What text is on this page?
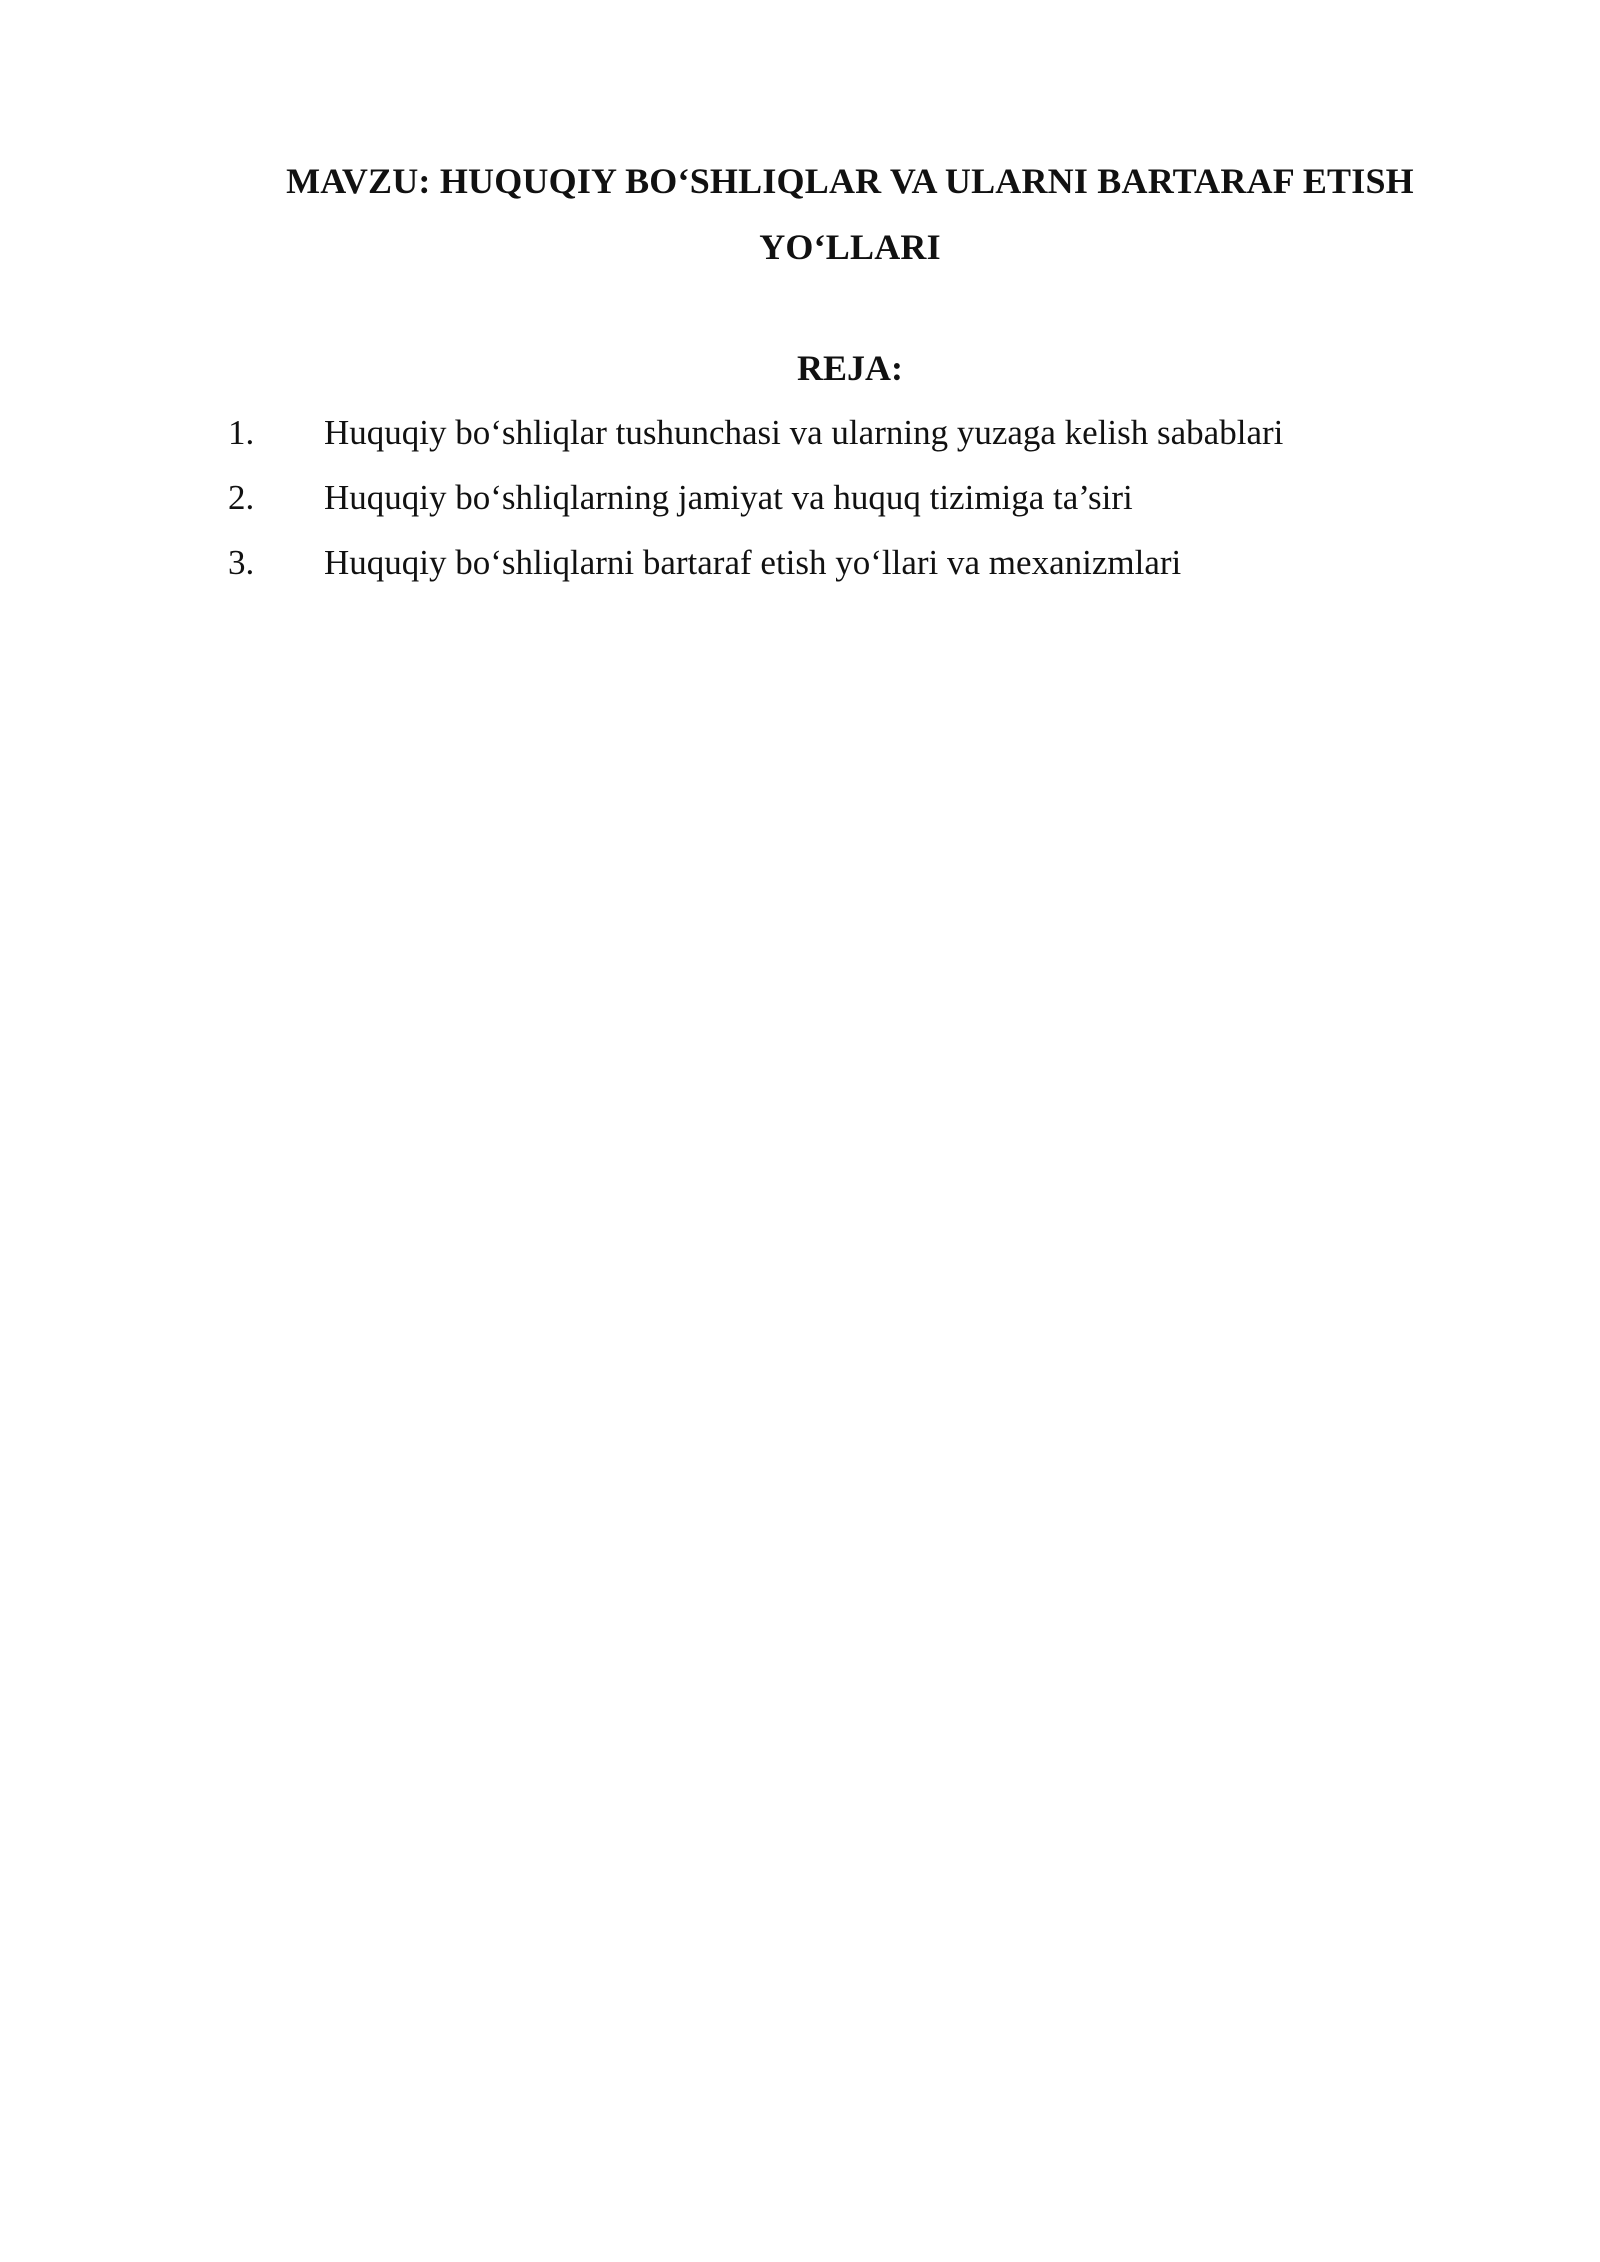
MAVZU: HUQUQIY BO‘SHLIQLAR VA ULARNI BARTARAF ETISH
YO‘LLARI
REJA:
1. Huquqiy bo‘shliqlar tushunchasi va ularning yuzaga kelish sabablari
2. Huquqiy bo‘shliqlarning jamiyat va huquq tizimiga ta’siri
3. Huquqiy bo‘shliqlarni bartaraf etish yo‘llari va mexanizmlari
